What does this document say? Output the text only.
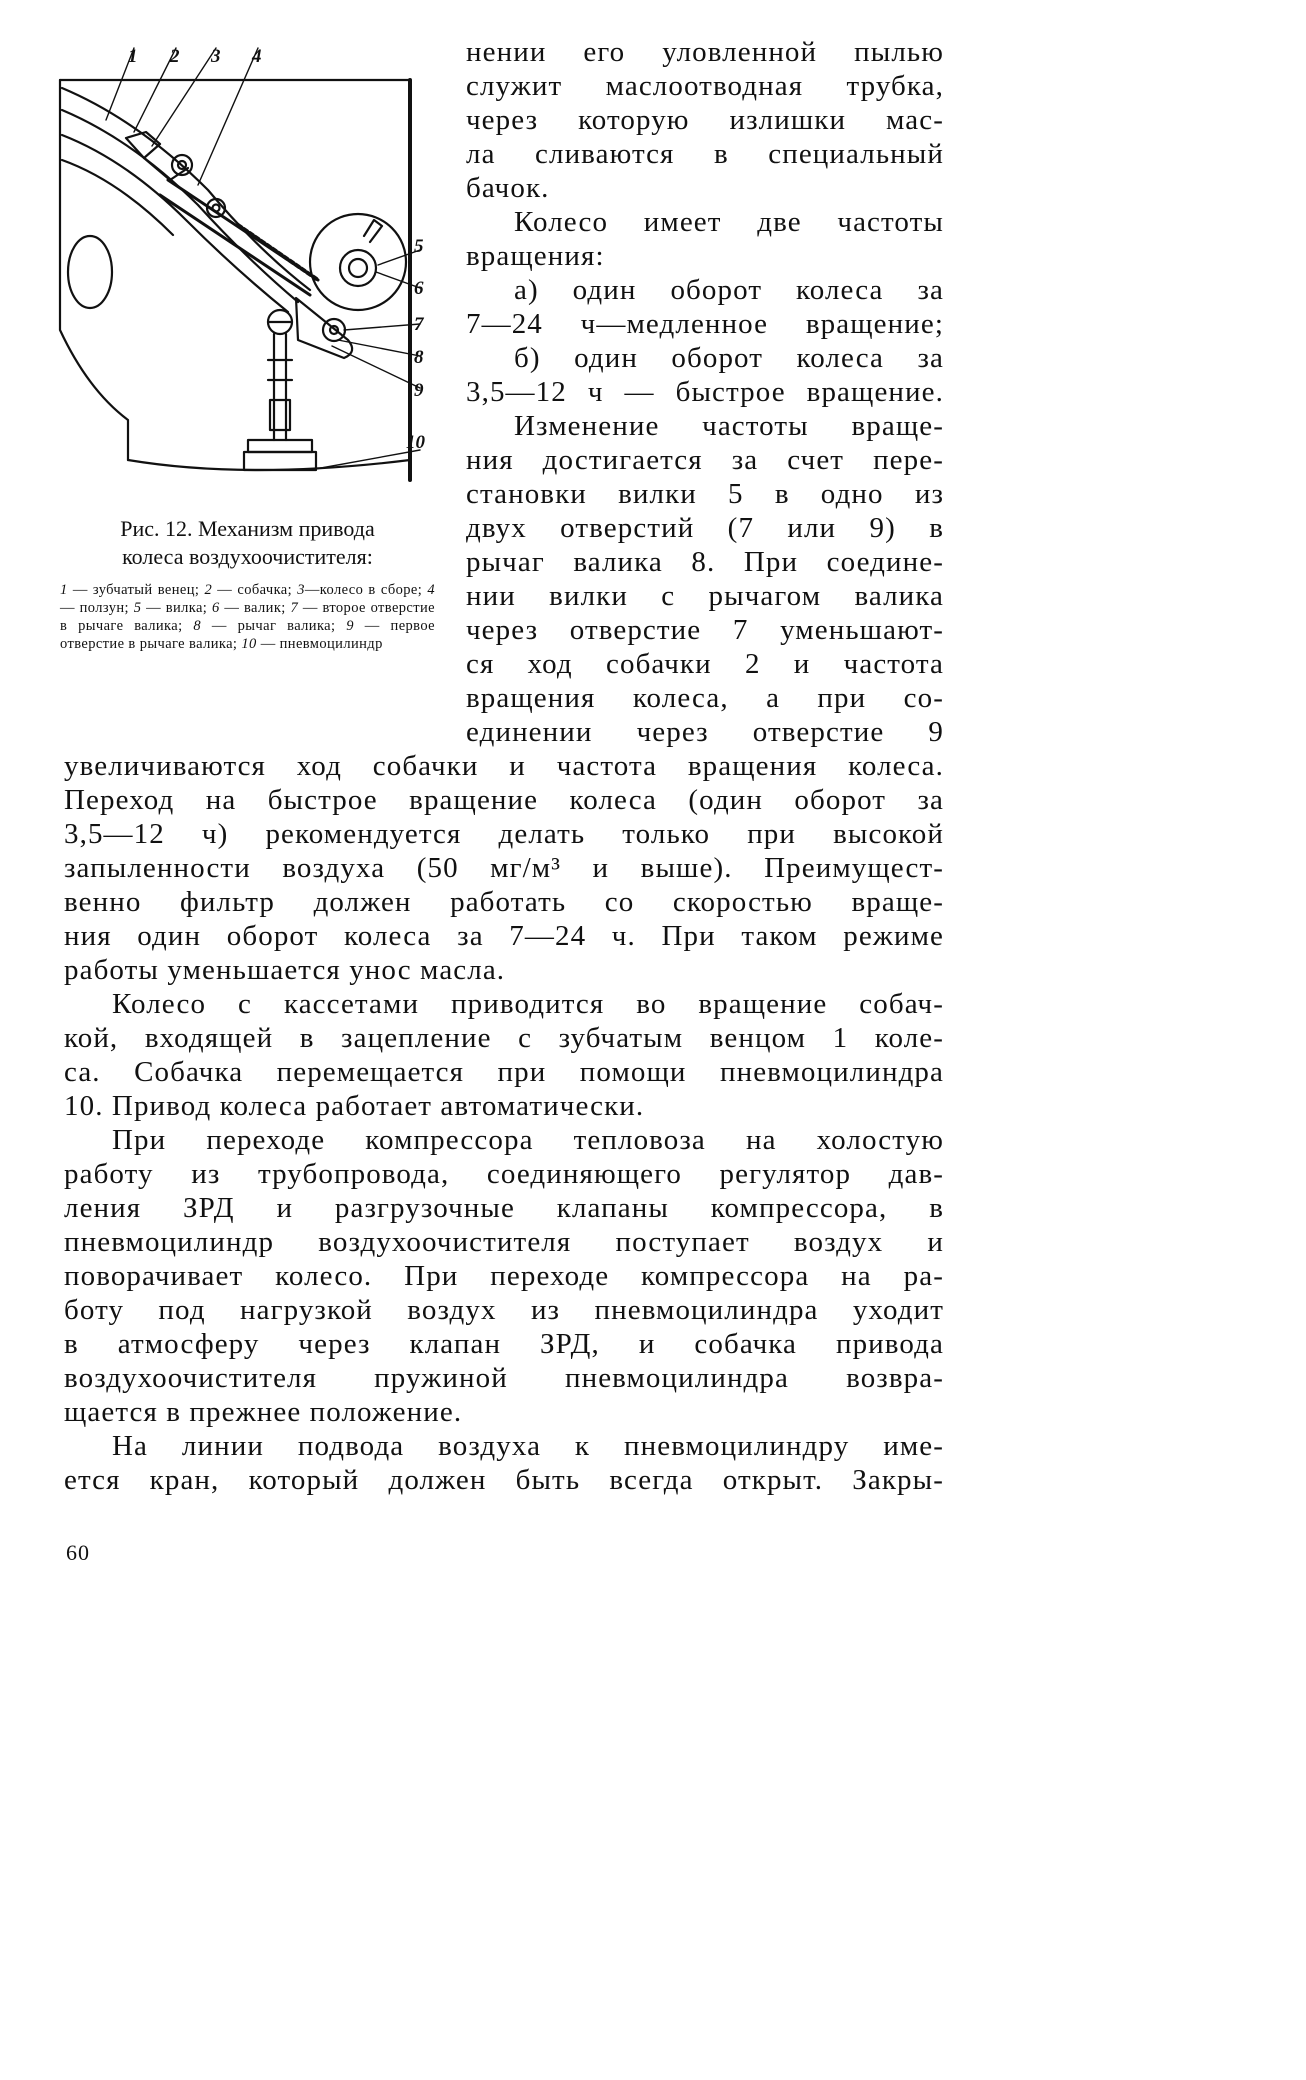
1 2 3 4
5
6
7
8
9
10

Рис. 12. Механизм привода

колеса воздухоочистителя:

1 — зубчатый венец; 2 — собачка; 3—колесо в сборе; 4 — ползун; 5 — вилка; 6 — валик; 7 — второе отверстие в рычаге валика; 8 — рычаг валика; 9 — первое отверстие в рычаге валика; 10 — пневмоцилиндр
нении его уловленной пылью
служит маслоотводная трубка,
через которую излишки мас-
ла сливаются в специальный
бачок.
Колесо имеет две частоты
вращения:
а) один оборот колеса за
7—24 ч—медленное вращение;
б) один оборот колеса за
3,5—12 ч — быстрое вращение.
Изменение частоты враще-
ния достигается за счет пере-
становки вилки 5 в одно из
двух отверстий (7 или 9) в
рычаг валика 8. При соедине-
нии вилки с рычагом валика
через отверстие 7 уменьшают-
ся ход собачки 2 и частота
вращения колеса, а при со-
единении через отверстие 9
увеличиваются ход собачки и частота вращения колеса.
Переход на быстрое вращение колеса (один оборот за
3,5—12 ч) рекомендуется делать только при высокой
запыленности воздуха (50 мг/м³ и выше). Преимущест-
венно фильтр должен работать со скоростью враще-
ния один оборот колеса за 7—24 ч. При таком режиме
работы уменьшается унос масла.
Колесо с кассетами приводится во вращение собач-
кой, входящей в зацепление с зубчатым венцом 1 коле-
са. Собачка перемещается при помощи пневмоцилиндра
10. Привод колеса работает автоматически.
При переходе компрессора тепловоза на холостую
работу из трубопровода, соединяющего регулятор дав-
ления ЗРД и разгрузочные клапаны компрессора, в
пневмоцилиндр воздухоочистителя поступает воздух и
поворачивает колесо. При переходе компрессора на ра-
боту под нагрузкой воздух из пневмоцилиндра уходит
в атмосферу через клапан ЗРД, и собачка привода
воздухоочистителя пружиной пневмоцилиндра возвра-
щается в прежнее положение.
На линии подвода воздуха к пневмоцилиндру име-
ется кран, который должен быть всегда открыт. Закры-
60
